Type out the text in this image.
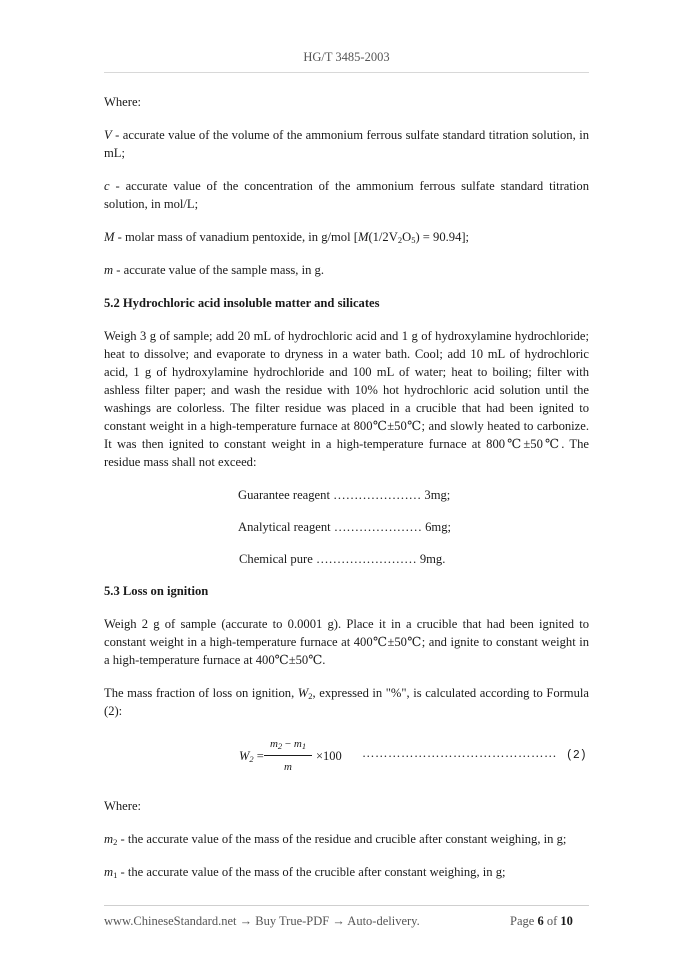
HG/T 3485-2003

Where:

V - accurate value of the volume of the ammonium ferrous sulfate standard titration solution, in mL;

c - accurate value of the concentration of the ammonium ferrous sulfate standard titration solution, in mol/L;

M - molar mass of vanadium pentoxide, in g/mol $[M(1/2V_2O_5) = 90.94]$;

m - accurate value of the sample mass, in g.

5.2 Hydrochloric acid insoluble matter and silicates

Weigh 3 g of sample; add 20 mL of hydrochloric acid and 1 g of hydroxylamine hydrochloride; heat to dissolve; and evaporate to dryness in a water bath. Cool; add 10 mL of hydrochloric acid, 1 g of hydroxylamine hydrochloride and 100 mL of water; heat to boiling; filter with ashless filter paper; and wash the residue with 10% hot hydrochloric acid solution until the washings are colorless. The filter residue was placed in a crucible that had been ignited to constant weight in a high-temperature furnace at 800℃±50℃; and slowly heated to carbonize. It was then ignited to constant weight in a high-temperature furnace at 800℃±50℃. The residue mass shall not exceed:

Guarantee reagent ………………… 3mg;
Analytical reagent ………………… 6mg;
Chemical pure …………………… 9mg.

5.3 Loss on ignition

Weigh 2 g of sample (accurate to 0.0001 g). Place it in a crucible that had been ignited to constant weight in a high-temperature furnace at 400℃±50℃; and ignite to constant weight in a high-temperature furnace at 400℃±50℃.

The mass fraction of loss on ignition, $W_2$, expressed in "%", is calculated according to Formula (2):

$W_2 = \frac{m_2 - m_1}{m} \times 100$ ……………………………………… (2)

Where:

$m_2$ - the accurate value of the mass of the residue and crucible after constant weighing, in g;

$m_1$ - the accurate value of the mass of the crucible after constant weighing, in g;

www.ChineseStandard.net → Buy True-PDF → Auto-delivery.	Page 6 of 10
